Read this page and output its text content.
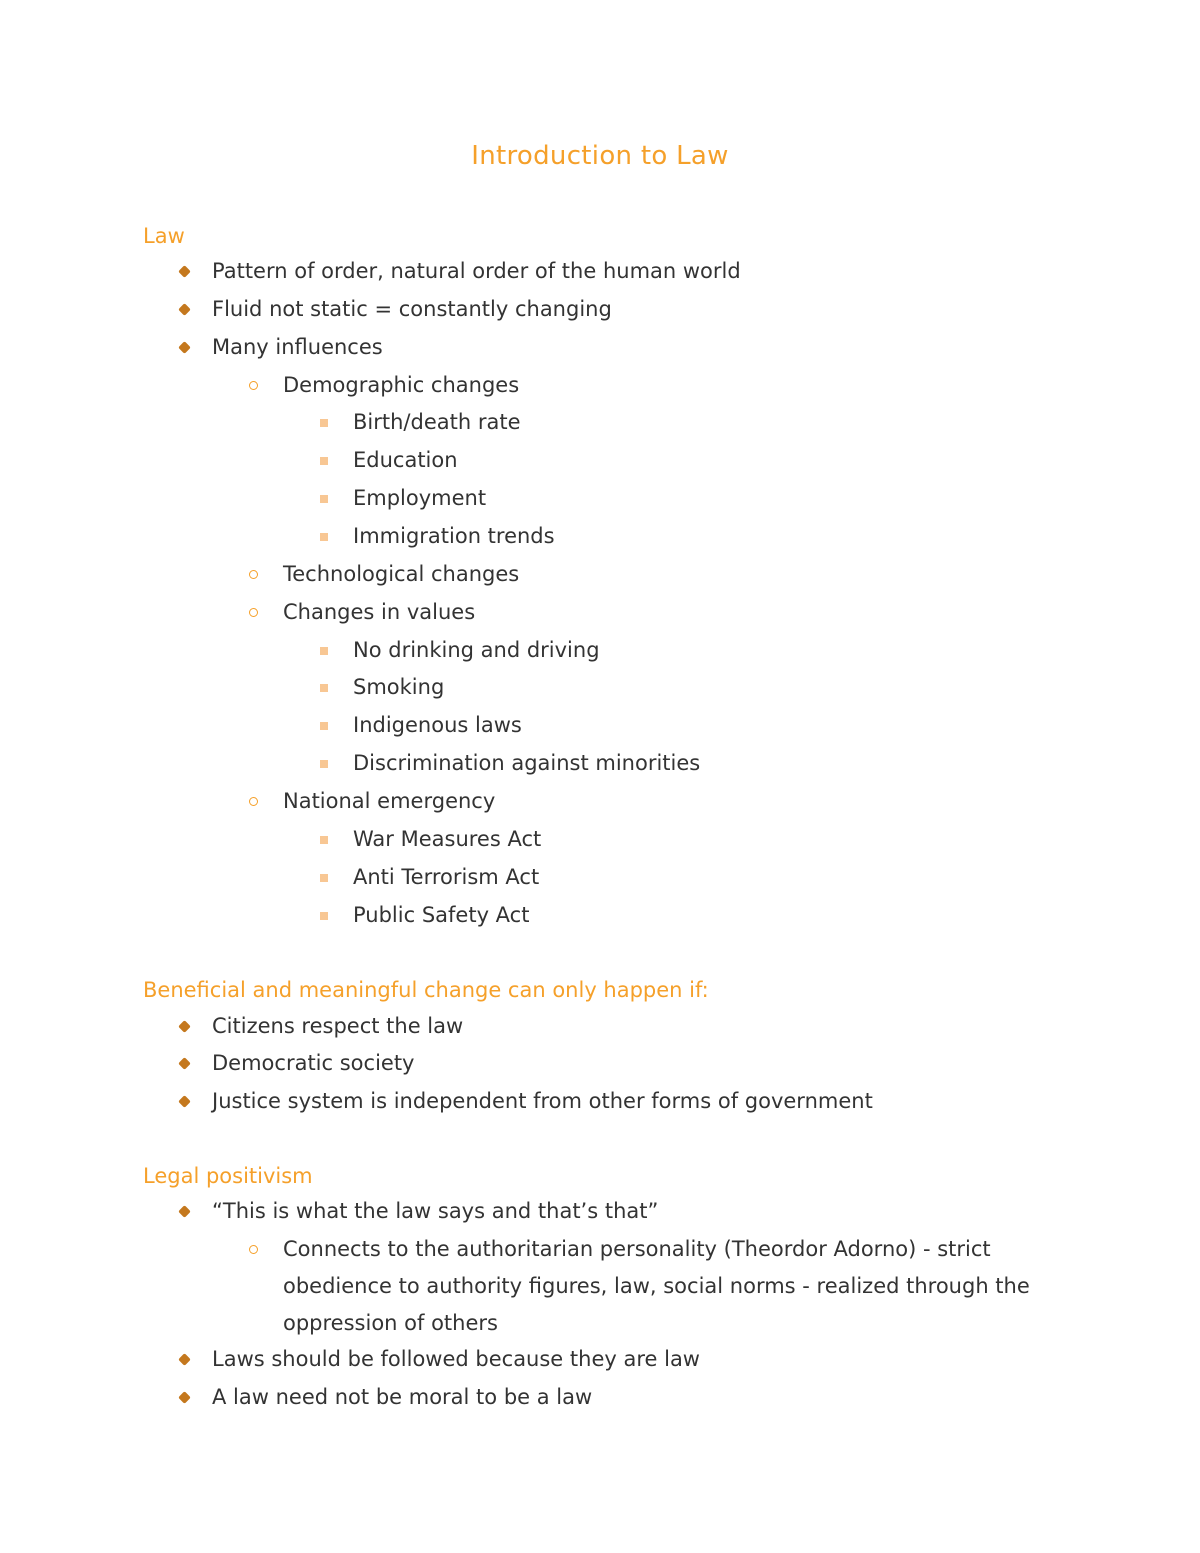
Introduction to Law
Law
Pattern of order, natural order of the human world
Fluid not static = constantly changing
Many influences
Demographic changes
Birth/death rate
Education
Employment
Immigration trends
Technological changes
Changes in values
No drinking and driving
Smoking
Indigenous laws
Discrimination against minorities
National emergency
War Measures Act
Anti Terrorism Act
Public Safety Act
Beneficial and meaningful change can only happen if:
Citizens respect the law
Democratic society
Justice system is independent from other forms of government
Legal positivism
“This is what the law says and that’s that”
Connects to the authoritarian personality (Theordor Adorno) - strict obedience to authority figures, law, social norms - realized through the oppression of others
Laws should be followed because they are law
A law need not be moral to be a law
